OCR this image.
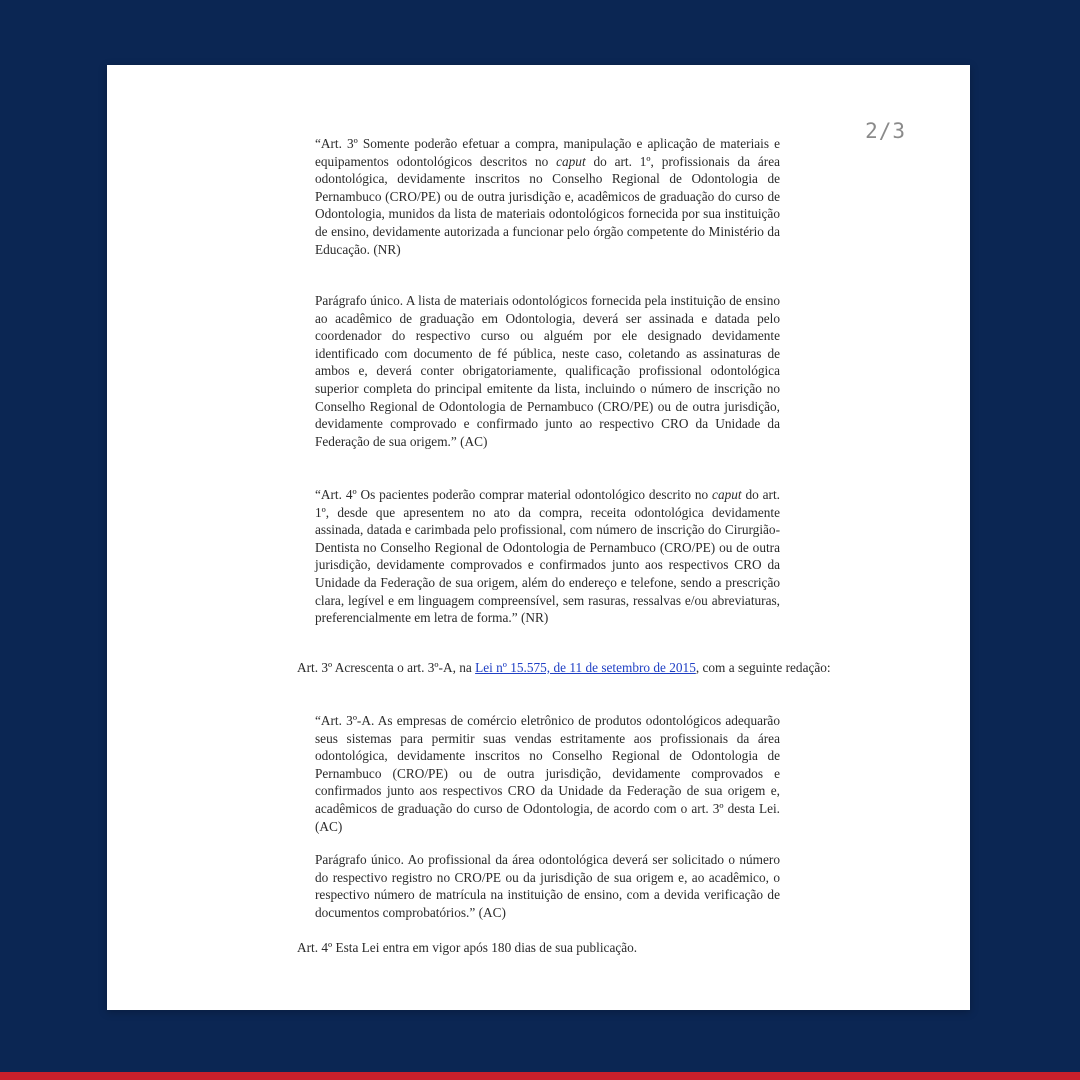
2/3

“Art. 3º Somente poderão efetuar a compra, manipulação e aplicação de materiais e equipamentos odontológicos descritos no caput do art. 1º, profissionais da área odontológica, devidamente inscritos no Conselho Regional de Odontologia de Pernambuco (CRO/PE) ou de outra jurisdição e, acadêmicos de graduação do curso de Odontologia, munidos da lista de materiais odontológicos fornecida por sua instituição de ensino, devidamente autorizada a funcionar pelo órgão competente do Ministério da Educação. (NR)

Parágrafo único. A lista de materiais odontológicos fornecida pela instituição de ensino ao acadêmico de graduação em Odontologia, deverá ser assinada e datada pelo coordenador do respectivo curso ou alguém por ele designado devidamente identificado com documento de fé pública, neste caso, coletando as assinaturas de ambos e, deverá conter obrigatoriamente, qualificação profissional odontológica superior completa do principal emitente da lista, incluindo o número de inscrição no Conselho Regional de Odontologia de Pernambuco (CRO/PE) ou de outra jurisdição, devidamente comprovado e confirmado junto ao respectivo CRO da Unidade da Federação de sua origem.” (AC)

“Art. 4º Os pacientes poderão comprar material odontológico descrito no caput do art. 1º, desde que apresentem no ato da compra, receita odontológica devidamente assinada, datada e carimbada pelo profissional, com número de inscrição do Cirurgião-Dentista no Conselho Regional de Odontologia de Pernambuco (CRO/PE) ou de outra jurisdição, devidamente comprovados e confirmados junto aos respectivos CRO da Unidade da Federação de sua origem, além do endereço e telefone, sendo a prescrição clara, legível e em linguagem compreensível, sem rasuras, ressalvas e/ou abreviaturas, preferencialmente em letra de forma.” (NR)

Art. 3º Acrescenta o art. 3º-A, na Lei nº 15.575, de 11 de setembro de 2015, com a seguinte redação:

“Art. 3º-A. As empresas de comércio eletrônico de produtos odontológicos adequarão seus sistemas para permitir suas vendas estritamente aos profissionais da área odontológica, devidamente inscritos no Conselho Regional de Odontologia de Pernambuco (CRO/PE) ou de outra jurisdição, devidamente comprovados e confirmados junto aos respectivos CRO da Unidade da Federação de sua origem e, acadêmicos de graduação do curso de Odontologia, de acordo com o art. 3º desta Lei. (AC)

Parágrafo único. Ao profissional da área odontológica deverá ser solicitado o número do respectivo registro no CRO/PE ou da jurisdição de sua origem e, ao acadêmico, o respectivo número de matrícula na instituição de ensino, com a devida verificação de documentos comprobatórios.” (AC)

Art. 4º Esta Lei entra em vigor após 180 dias de sua publicação.
